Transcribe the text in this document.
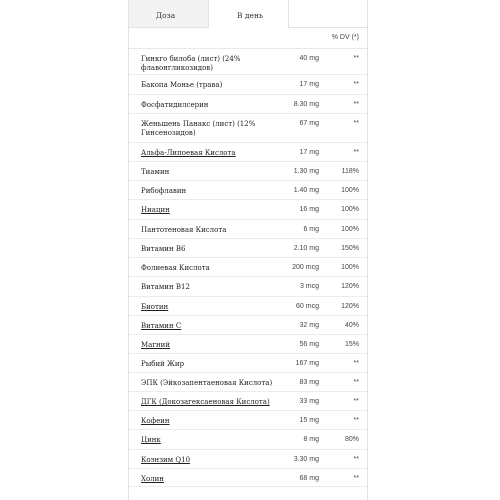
Доза	В день
% DV (*)
Гинкго билоба (лист) (24% флавонгликозидов)
40 mg	**
Бакопа Монье (трава)	17 mg	**
Фосфатидилсерин	8.30 mg	**
Женьшень Панакс (лист) (12% Гинсенозидов)
67 mg	**
Альфа-Липоевая Кислота	17 mg	**
Тиамин	1.30 mg	118%
Рибофлавин	1.40 mg	100%
Ниацин	16 mg	100%
Пантотеновая Кислота	6 mg	100%
Витамин B6	2.10 mg	150%
Фолиевая Кислота	200 mcg	100%
Витамин B12	3 mcg	120%
Биотин	60 mcg	120%
Витамин С	32 mg	40%
Магний	56 mg	15%
Рыбий Жир	167 mg	**
ЭПК (Эйкозапентаеновая Кислота)	83 mg	**
ДГК (Докозагексаеновая Кислота)	33 mg	**
Кофеин	15 mg	**
Цинк	8 mg	80%
Коэнзим Q10	3.30 mg	**
Холин	68 mg	**
